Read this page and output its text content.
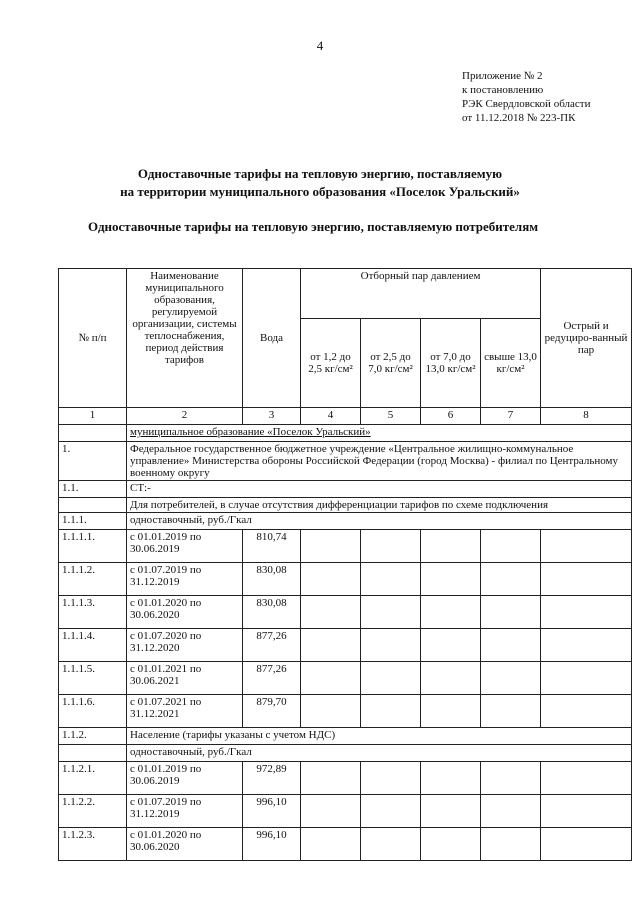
4
Приложение № 2
к постановлению
РЭК Свердловской области
от 11.12.2018 № 223-ПК
Одноставочные тарифы на тепловую энергию, поставляемую
на территории муниципального образования «Поселок Уральский»
Одноставочные тарифы на тепловую энергию, поставляемую потребителям
№ п/п	Наименование муниципального образования, регулируемой организации, системы теплоснабжения, период действия тарифов	Вода	Отборный пар давлением				Острый и редуциро-ванный пар
			от 1,2 до 2,5 кг/см²	от 2,5 до 7,0 кг/см²	от 7,0 до 13,0 кг/см²	свыше 13,0 кг/см²	
1	2	3	4	5	6	7	8
	муниципальное образование «Поселок Уральский»						
1.	Федеральное государственное бюджетное учреждение «Центральное жилищно-коммунальное управление» Министерства обороны Российской Федерации (город Москва) - филиал по Центральному военному округу						
1.1.	СТ:-						
	Для потребителей, в случае отсутствия дифференциации тарифов по схеме подключения						
1.1.1.	одноставочный, руб./Гкал						
1.1.1.1.	с 01.01.2019 по 30.06.2019	810,74					
1.1.1.2.	с 01.07.2019 по 31.12.2019	830,08					
1.1.1.3.	с 01.01.2020 по 30.06.2020	830,08					
1.1.1.4.	с 01.07.2020 по 31.12.2020	877,26					
1.1.1.5.	с 01.01.2021 по 30.06.2021	877,26					
1.1.1.6.	с 01.07.2021 по 31.12.2021	879,70					
1.1.2.	Население (тарифы указаны с учетом НДС)						
	одноставочный, руб./Гкал						
1.1.2.1.	с 01.01.2019 по 30.06.2019	972,89					
1.1.2.2.	с 01.07.2019 по 31.12.2019	996,10					
1.1.2.3.	с 01.01.2020 по 30.06.2020	996,10					
